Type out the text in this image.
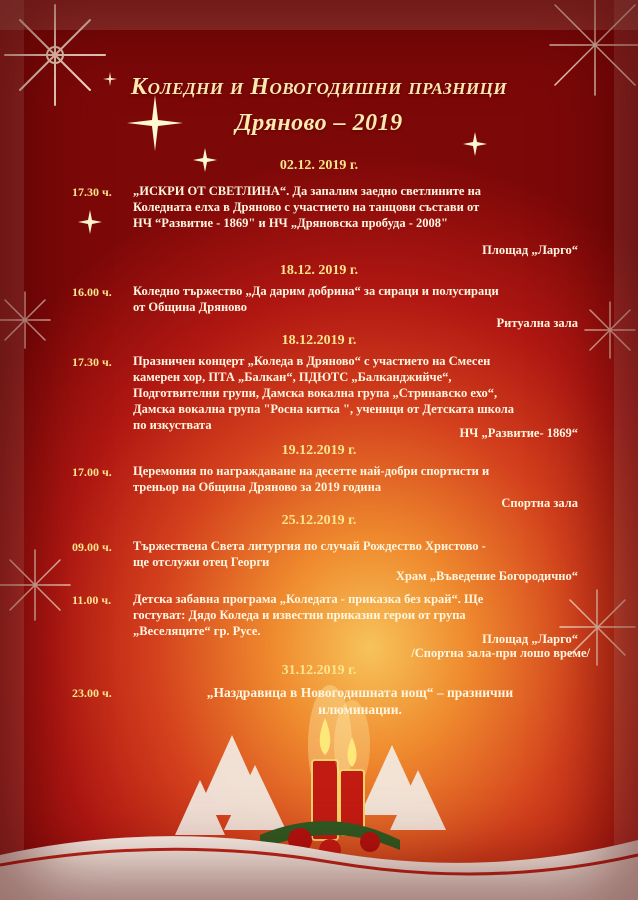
Коледни и Новогодишни празници
Дряново – 2019
02.12. 2019 г.
17.30 ч.	„ИСКРИ ОТ СВЕТЛИНА“. Да запалим заедно светлините на
Коледната елха в Дряново с участието на танцови състави от
НЧ “Развитие - 1869" и НЧ „Дряновска пробуда - 2008"
Площад „Ларго“
18.12. 2019 г.
16.00 ч.	Коледно тържество „Да дарим добрина“ за сираци и полусираци
от Община Дряново
Ритуална зала
18.12.2019 г.
17.30 ч.	Празничен концерт „Коледа в Дряново“ с участието на Смесен
камерен хор, ПТА „Балкан“, ПДЮТС „Балканджийче“,
Подготвителни групи, Дамска вокална група „Стринавско ехо“,
Дамска вокална група "Росна китка ", ученици от Детската школа
по изкуствата
НЧ „Развитие- 1869“
19.12.2019 г.
17.00 ч.	Церемония по награждаване на десетте най-добри спортисти и
треньор на Община Дряново за 2019 година
Спортна зала
25.12.2019 г.
09.00 ч.	Тържествена Света литургия по случай Рождество Христово -
ще отслужи отец Георги
Храм „Въведение Богородично“
11.00 ч.	Детска забавна програма „Коледата - приказка без край“. Ще
гостуват: Дядо Коледа и известни приказни герои от група
„Веселяците“ гр. Русе.
Площад „Ларго“
/Спортна зала-при лошо време/
31.12.2019 г.
23.00 ч.	„Наздравица в Новогодишната нощ“ – празнични
илюминации.
